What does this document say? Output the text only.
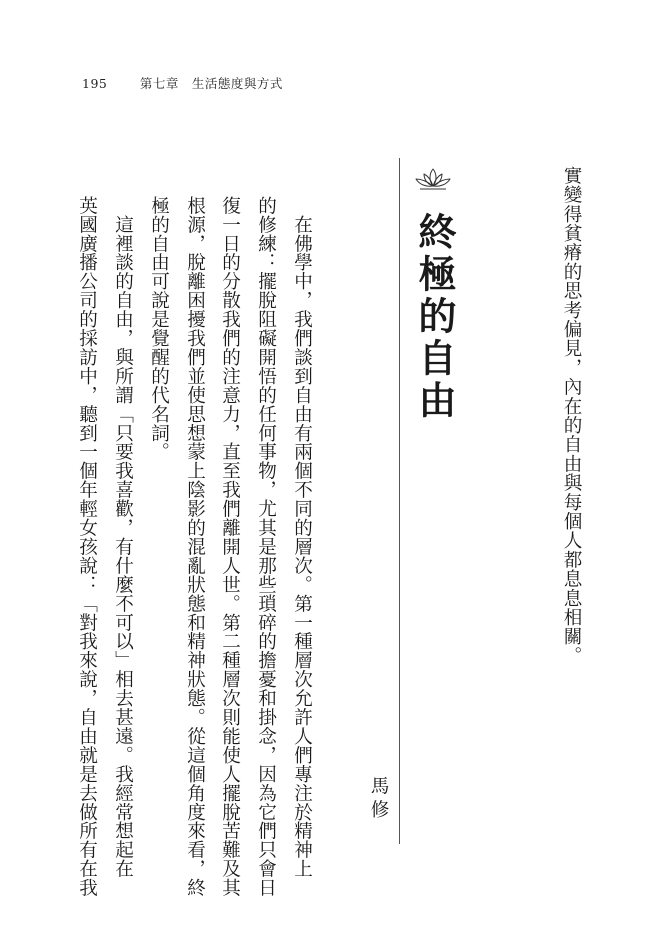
195	第七章　生活態度與方式
實變得貧瘠的思考偏見，內在的自由與每個人都息息相關。
終極的自由
馬修
　在佛學中，我們談到自由有兩個不同的層次。第一種層次允許人們專注於精神上
的修練：擺脫阻礙開悟的任何事物，尤其是那些瑣碎的擔憂和掛念，因為它們只會日
復一日的分散我們的注意力，直至我們離開人世。第二種層次則能使人擺脫苦難及其
根源，脫離困擾我們並使思想蒙上陰影的混亂狀態和精神狀態。從這個角度來看，終
極的自由可說是覺醒的代名詞。
　這裡談的自由，與所謂「只要我喜歡，有什麼不可以」相去甚遠。我經常想起在
英國廣播公司的採訪中，聽到一個年輕女孩說：「對我來說，自由就是去做所有在我
